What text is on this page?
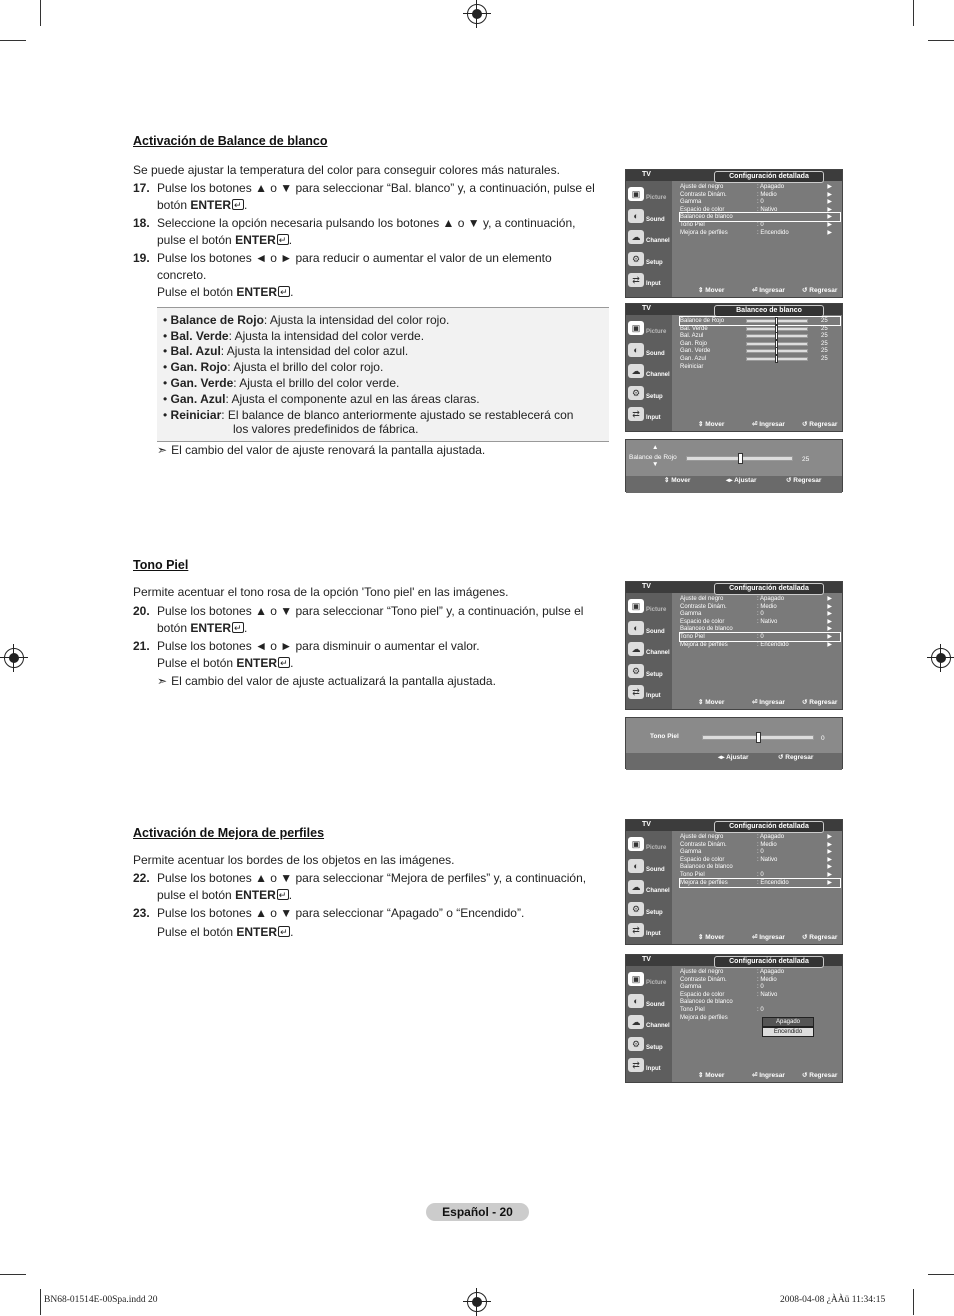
Activación de Balance de blanco
Se puede ajustar la temperatura del color para conseguir colores más naturales.
17. Pulse los botones ▲ o ▼ para seleccionar “Bal. blanco” y, a continuación, pulse el
botón ENTER ↵ .
18. Seleccione la opción necesaria pulsando los botones ▲ o ▼ y, a continuación,
pulse el botón ENTER ↵ .
19. Pulse los botones ◄ o ► para reducir o aumentar el valor de un elemento
concreto.
Pulse el botón ENTER ↵ .
• Balance de Rojo: Ajusta la intensidad del color rojo.
• Bal. Verde: Ajusta la intensidad del color verde.
• Bal. Azul: Ajusta la intensidad del color azul.
• Gan. Rojo: Ajusta el brillo del color rojo.
• Gan. Verde: Ajusta el brillo del color verde.
• Gan. Azul: Ajusta el componente azul en las áreas claras.
• Reiniciar: El balance de blanco anteriormente ajustado se restablecerá con
los valores predefinidos de fábrica.
➣ El cambio del valor de ajuste renovará la pantalla ajustada.
Tono Piel
Permite acentuar el tono rosa de la opción 'Tono piel' en las imágenes.
20. Pulse los botones ▲ o ▼ para seleccionar “Tono piel” y, a continuación, pulse el
botón ENTER ↵ .
21. Pulse los botones ◄ o ► para disminuir o aumentar el valor.
Pulse el botón ENTER ↵ .
➣ El cambio del valor de ajuste actualizará la pantalla ajustada.
Activación de Mejora de perfiles
Permite acentuar los bordes de los objetos en las imágenes.
22. Pulse los botones ▲ o ▼ para seleccionar “Mejora de perfiles” y, a continuación,
pulse el botón ENTER ↵ .
23. Pulse los botones ▲ o ▼ para seleccionar “Apagado” o “Encendido”.
Pulse el botón ENTER ↵ .
TV	Configuración detallada
▣ Picture
◐	Sound
☁ Channel
⚙ Setup
⇄	Input
Ajuste del negro	: Apagado	▶
Contraste Dinám.	: Medio	▶
Gamma	: 0	▶
Espacio de color	: Nativo	▶
Balanceo de blanco	▶
Tono Piel	: 0	▶
Mejora de perfiles	: Encendido	▶
⇕ Mover	⏎ Ingresar	↺ Regresar
TV	Balanceo de blanco
▣ Picture
◐	Sound
☁ Channel
⚙ Setup
⇄	Input
Balance de Rojo	25
Bal. Verde	25
Bal. Azul	25
Gan. Rojo	25
Gan. Verde	25
Gan. Azul	25
Reiniciar
⇕ Mover	⏎ Ingresar	↺ Regresar
▲
Balance de Rojo
▼
25
⇕ Mover	◂▸ Ajustar	↺ Regresar
TV	Configuración detallada
▣ Picture
◐	Sound
☁ Channel
⚙ Setup
⇄	Input
Ajuste del negro	: Apagado	▶
Contraste Dinám.	: Medio	▶
Gamma	: 0	▶
Espacio de color	: Nativo	▶
Balanceo de blanco	▶
Tono Piel	: 0	▶
Mejora de perfiles	: Encendido	▶
⇕ Mover	⏎ Ingresar	↺ Regresar
Tono Piel	0
◂▸ Ajustar	↺ Regresar
TV	Configuración detallada
▣ Picture
◐	Sound
☁ Channel
⚙ Setup
⇄	Input
Ajuste del negro	: Apagado	▶
Contraste Dinám.	: Medio	▶
Gamma	: 0	▶
Espacio de color	: Nativo	▶
Balanceo de blanco	▶
Tono Piel	: 0	▶
Mejora de perfiles	: Encendido	▶
⇕ Mover	⏎ Ingresar	↺ Regresar
TV	Configuración detallada
▣ Picture
◐	Sound
☁ Channel
⚙ Setup
⇄	Input
Ajuste del negro	: Apagado
Contraste Dinám.	: Medio
Gamma	: 0
Espacio de color	: Nativo
Balanceo de blanco
Tono Piel	: 0
Mejora de perfiles
⇕ Mover	⏎ Ingresar	↺ Regresar
Apagado
Encendido
Español - 20
BN68-01514E-00Spa.indd 20	2008-04-08 ¿ÀÀü 11:34:15
